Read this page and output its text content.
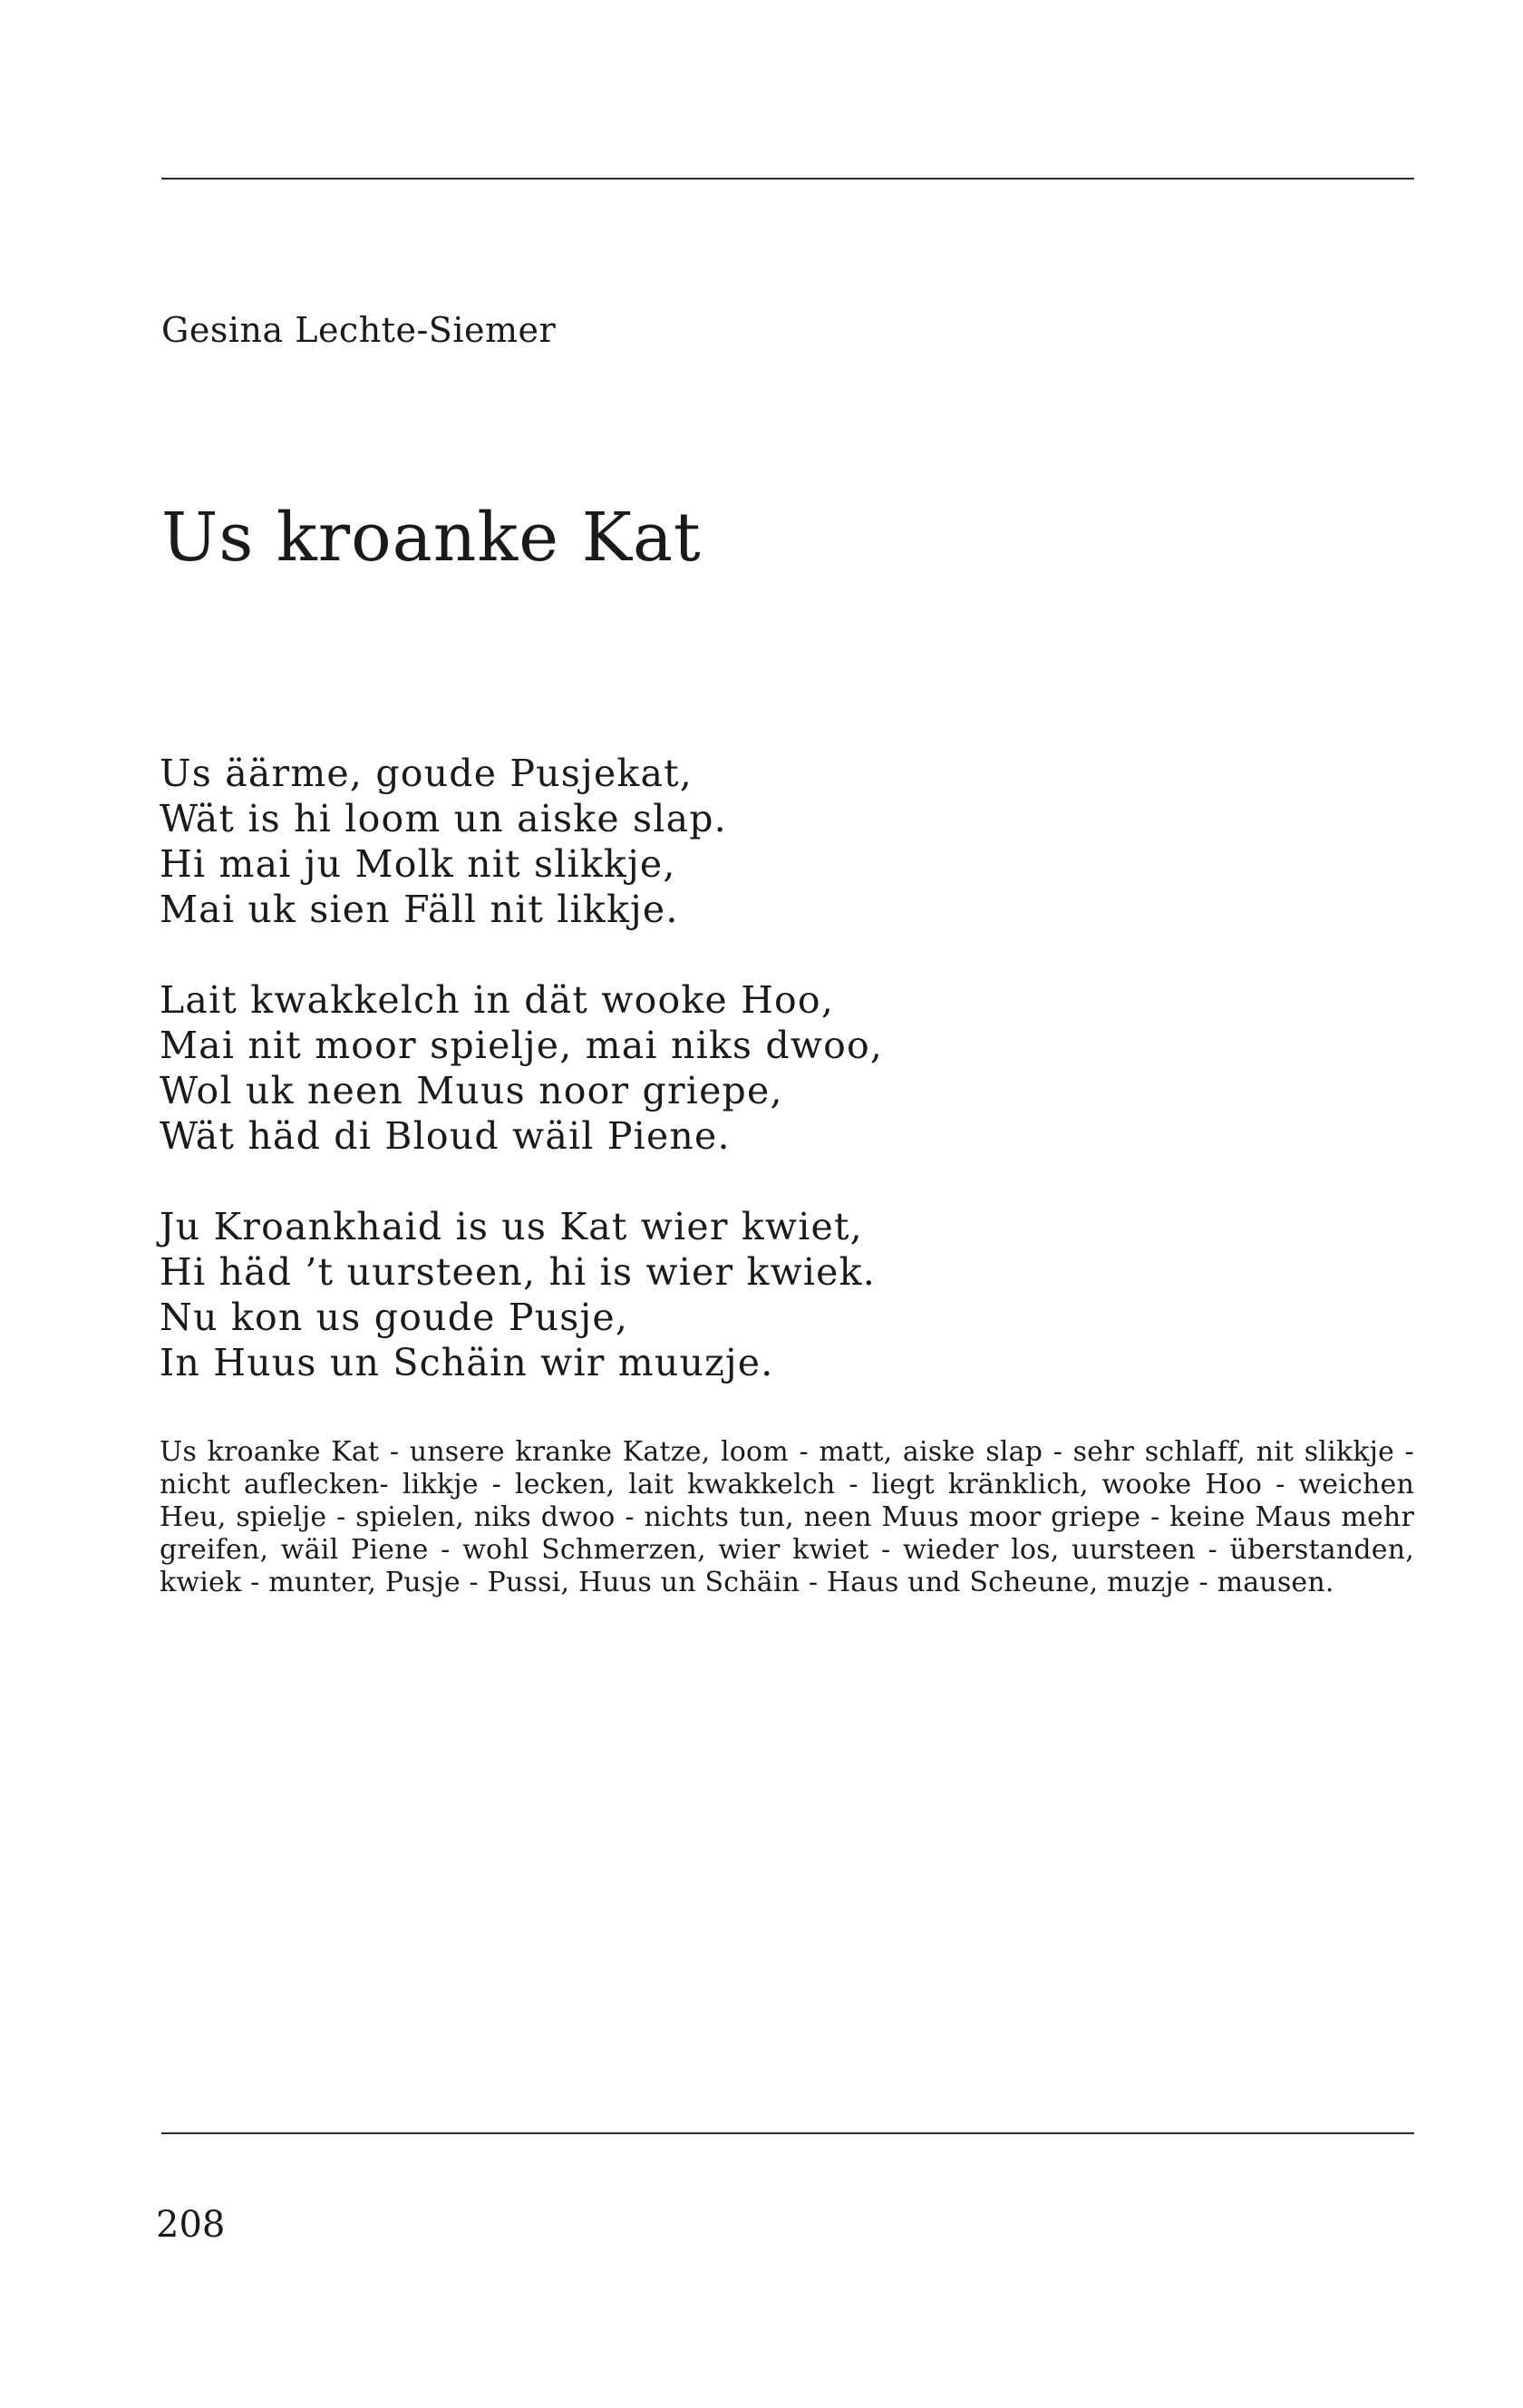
Gesina Lechte-Siemer
Us kroanke Kat
Us äärme, goude Pusjekat,
Wät is hi loom un aiske slap.
Hi mai ju Molk nit slikkje,
Mai uk sien Fäll nit likkje.
Lait kwakkelch in dät wooke Hoo,
Mai nit moor spielje, mai niks dwoo,
Wol uk neen Muus noor griepe,
Wät häd di Bloud wäil Piene.
Ju Kroankhaid is us Kat wier kwiet,
Hi häd ’t uursteen, hi is wier kwiek.
Nu kon us goude Pusje,
In Huus un Schäin wir muuzje.

Us kroanke Kat - unsere kranke Katze, loom - matt, aiske slap - sehr schlaff, nit slikkje - nicht auflecken- likkje - lecken, lait kwakkelch - liegt kränklich, wooke Hoo - weichen Heu, spielje - spielen, niks dwoo - nichts tun, neen Muus moor griepe - keine Maus mehr greifen, wäil Piene - wohl Schmerzen, wier kwiet - wieder los, uursteen - überstanden, kwiek - munter, Pusje - Pussi, Huus un Schäin - Haus und Scheune, muzje - mausen.

208
